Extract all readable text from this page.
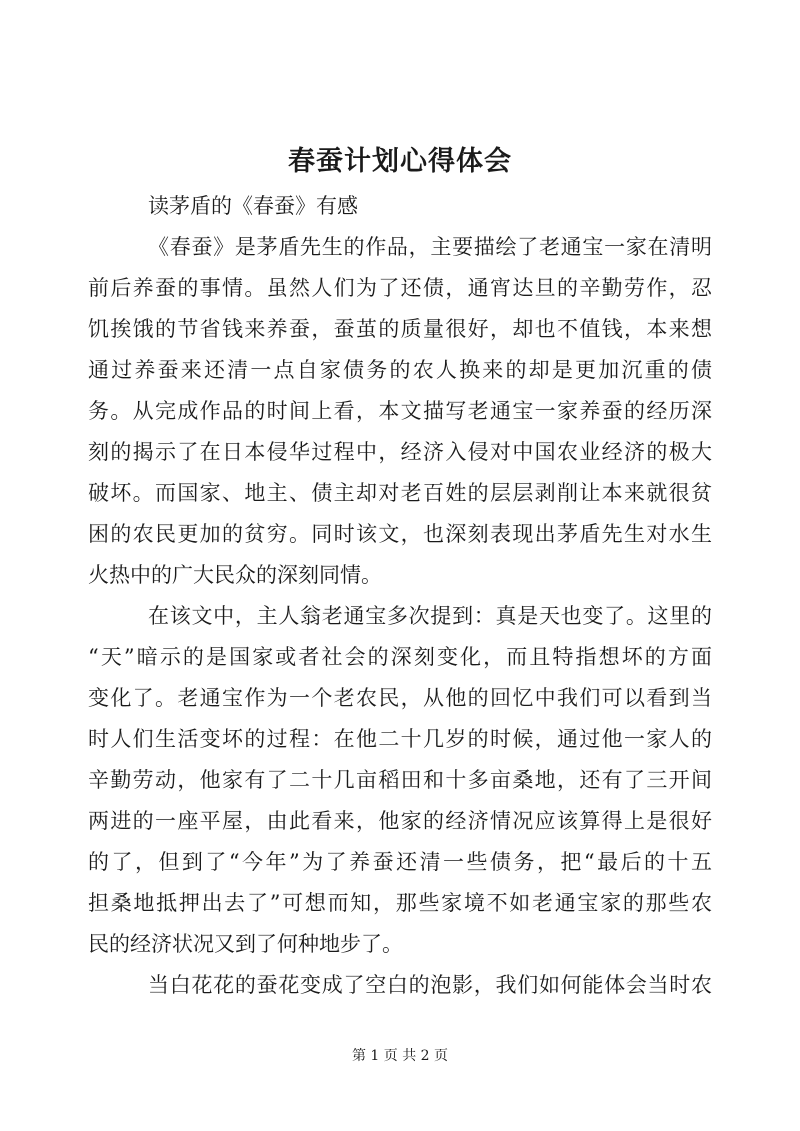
春蚕计划心得体会
读茅盾的《春蚕》有感
《春蚕》是茅盾先生的作品，主要描绘了老通宝一家在清明
前后养蚕的事情。虽然人们为了还债，通宵达旦的辛勤劳作，忍
饥挨饿的节省钱来养蚕，蚕茧的质量很好，却也不值钱，本来想
通过养蚕来还清一点自家债务的农人换来的却是更加沉重的债
务。从完成作品的时间上看，本文描写老通宝一家养蚕的经历深
刻的揭示了在日本侵华过程中，经济入侵对中国农业经济的极大
破坏。而国家、地主、债主却对老百姓的层层剥削让本来就很贫
困的农民更加的贫穷。同时该文，也深刻表现出茅盾先生对水生
火热中的广大民众的深刻同情。
在该文中，主人翁老通宝多次提到：真是天也变了。这里的
“天”暗示的是国家或者社会的深刻变化，而且特指想坏的方面
变化了。老通宝作为一个老农民，从他的回忆中我们可以看到当
时人们生活变坏的过程：在他二十几岁的时候，通过他一家人的
辛勤劳动，他家有了二十几亩稻田和十多亩桑地，还有了三开间
两进的一座平屋，由此看来，他家的经济情况应该算得上是很好
的了，但到了“今年”为了养蚕还清一些债务，把“最后的十五
担桑地抵押出去了”可想而知，那些家境不如老通宝家的那些农
民的经济状况又到了何种地步了。
当白花花的蚕花变成了空白的泡影，我们如何能体会当时农
第 1 页 共 2 页
